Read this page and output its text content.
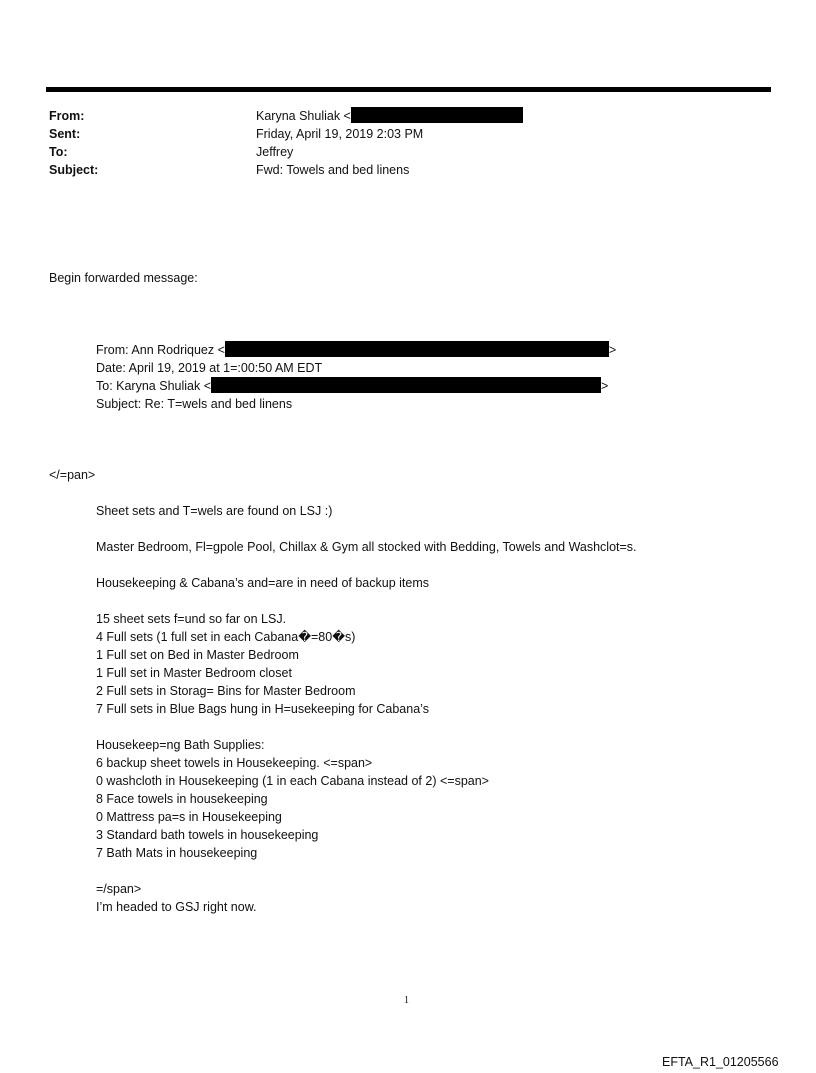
From:	Karyna Shuliak <
Sent:	Friday, April 19, 2019 2:03 PM
To:	Jeffrey
Subject:	Fwd: Towels and bed linens
Begin forwarded message:
From: Ann Rodriquez <	>
Date: April 19, 2019 at 1=:00:50 AM EDT
To: Karyna Shuliak <	>
Subject: Re: T=wels and bed linens
</=pan>
Sheet sets and T=wels are found on LSJ :)
Master Bedroom, Fl=gpole Pool, Chillax & Gym all stocked with Bedding, Towels and Washclot=s.
Housekeeping & Cabana’s and=are in need of backup items
15 sheet sets f=und so far on LSJ.
4 Full sets (1 full set in each Cabana�=80�s)
1 Full set on Bed in Master Bedroom
1 Full set in Master Bedroom closet
2 Full sets in Storag= Bins for Master Bedroom
7 Full sets in Blue Bags hung in H=usekeeping for Cabana’s
Housekeep=ng Bath Supplies:
6 backup sheet towels in Housekeeping. <=span>
0 washcloth in Housekeeping (1 in each Cabana instead of 2) <=span>
8 Face towels in housekeeping
0 Mattress pa=s in Housekeeping
3 Standard bath towels in housekeeping
7 Bath Mats in housekeeping
=/span>
I’m headed to GSJ right now.
1
EFTA_R1_01205566
